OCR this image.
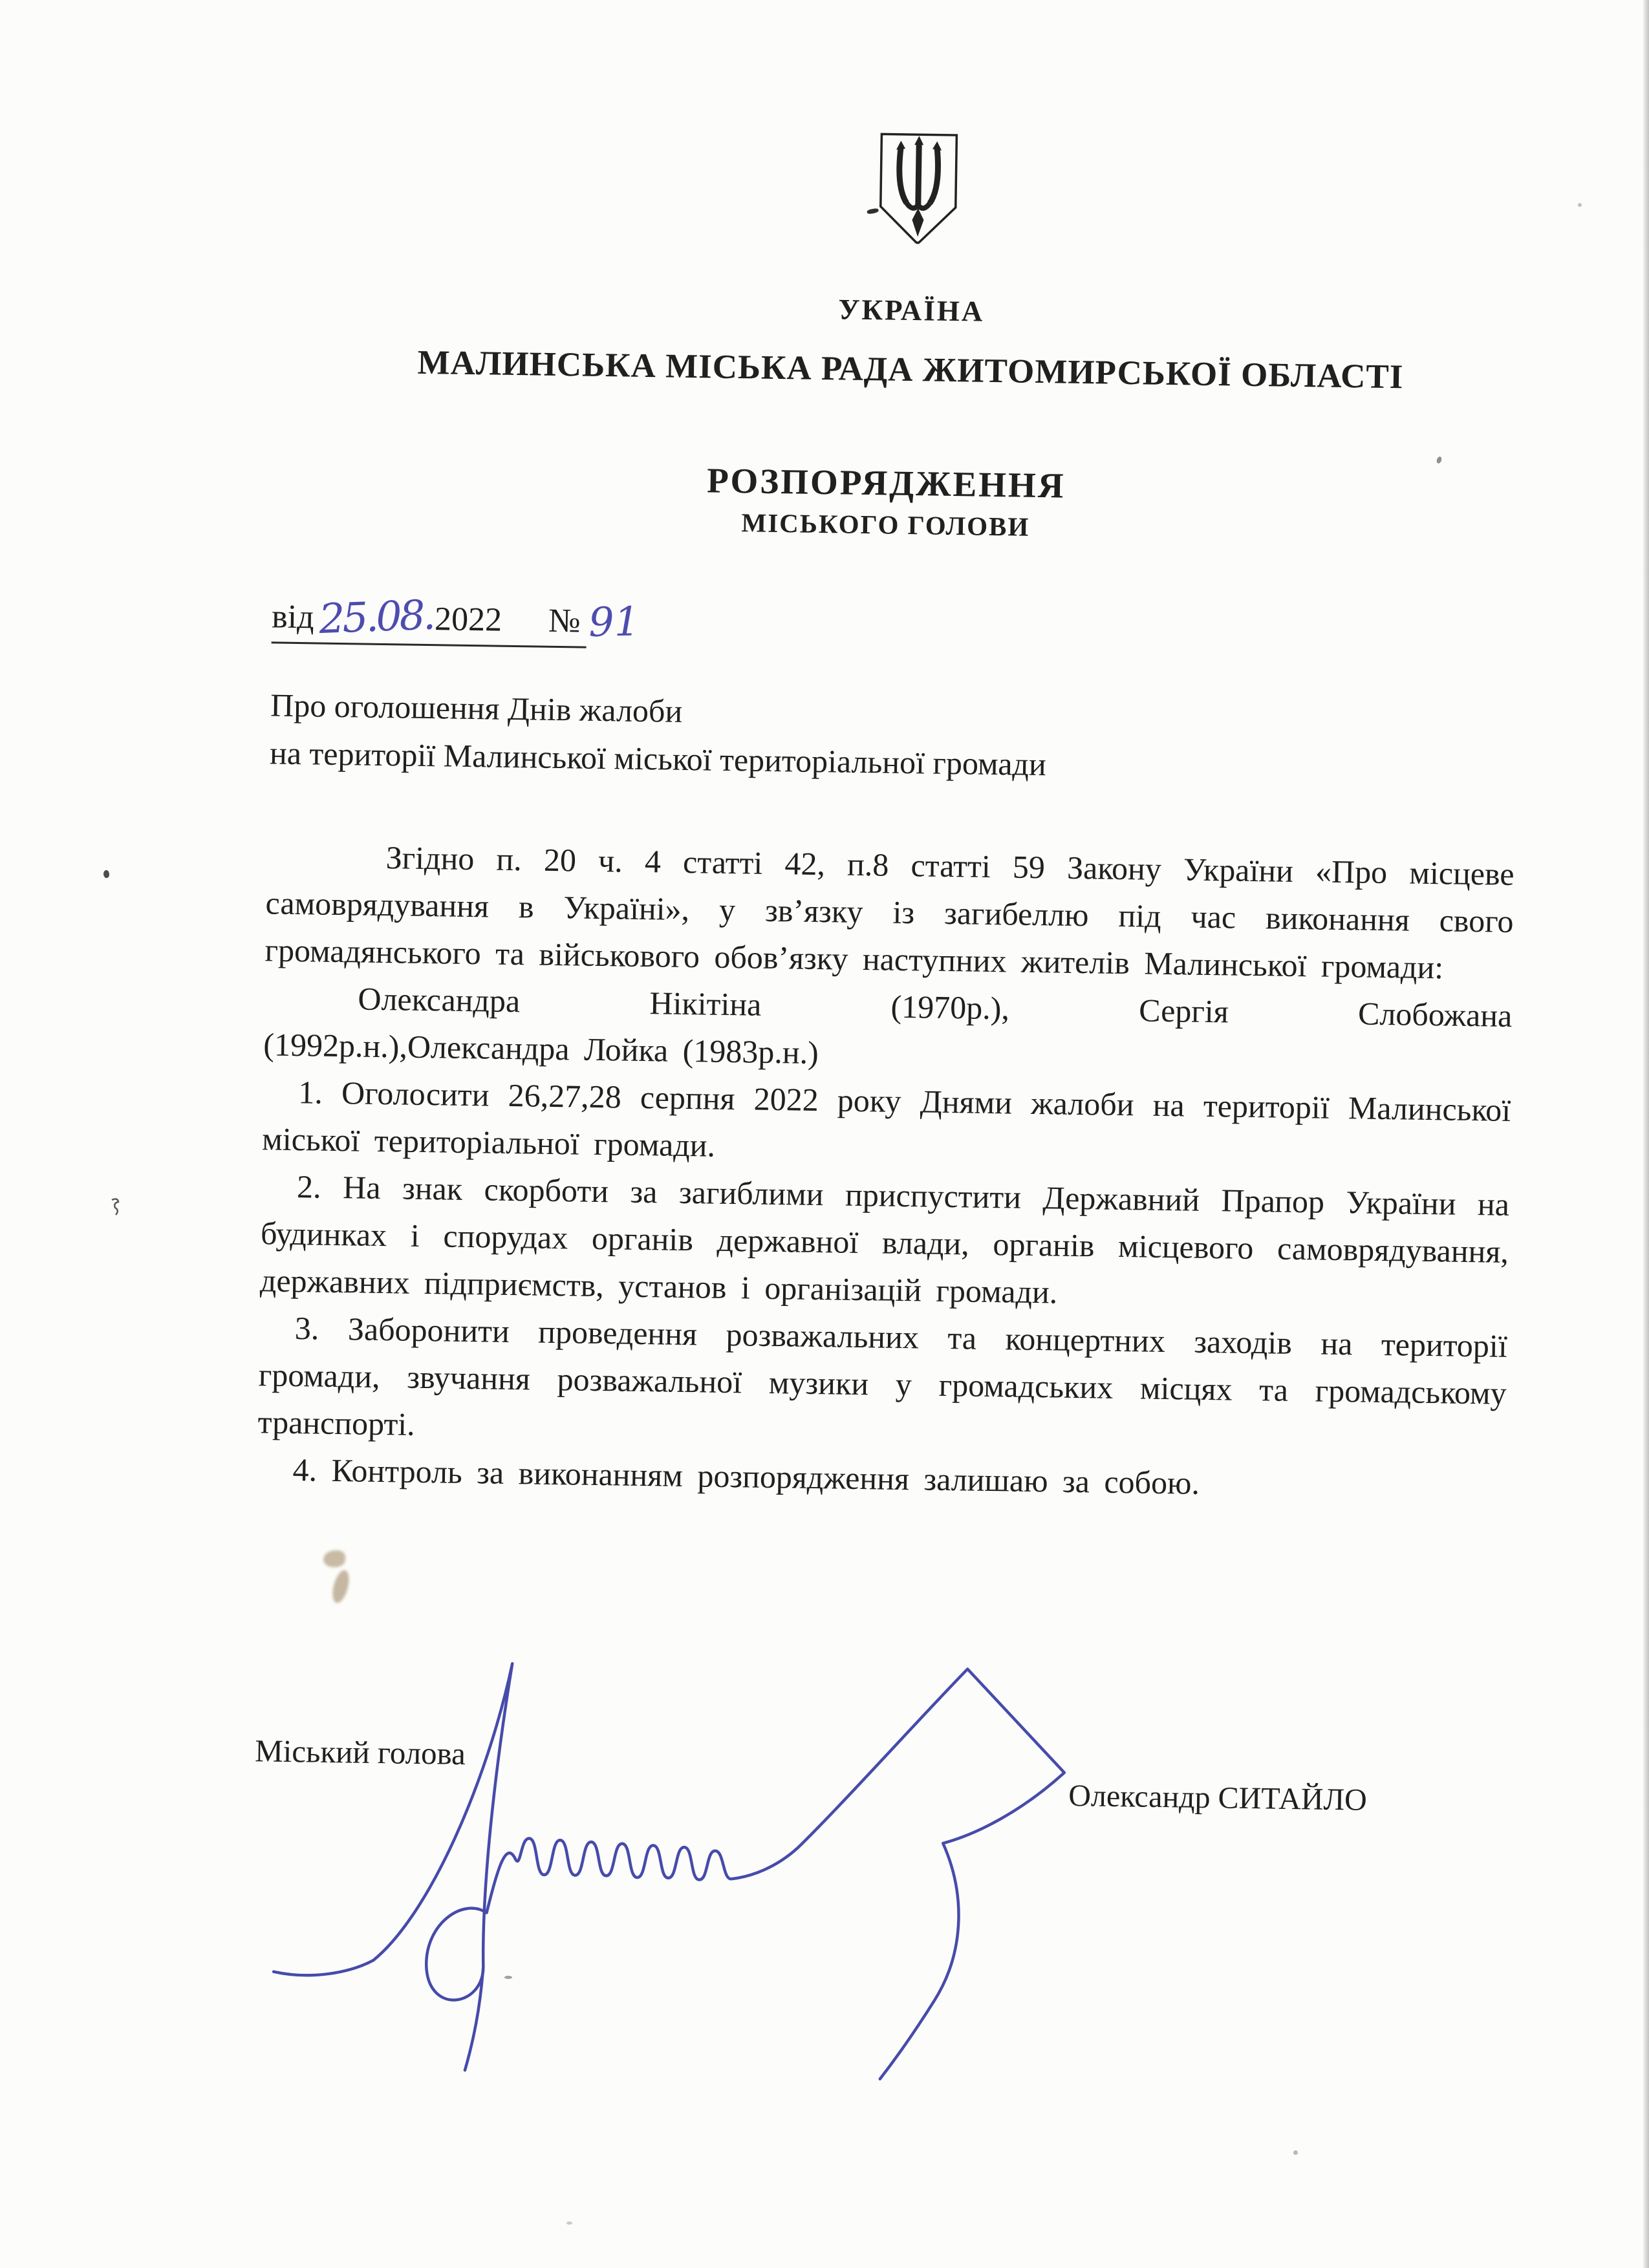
УКРАЇНА
МАЛИНСЬКА МІСЬКА РАДА ЖИТОМИРСЬКОЇ ОБЛАСТІ
РОЗПОРЯДЖЕННЯ
МІСЬКОГО ГОЛОВИ
від25.08.2022 № 91
Про оголошення Днів жалоби
на території Малинської міської територіальної громади

Згідно п. 20 ч. 4 статті 42, п.8 статті 59 Закону України «Про місцеве самоврядування в Україні», у зв’язку із загибеллю під час виконання свого громадянського та військового обов’язку наступних жителів Малинської громади:

Олександра Нікітіна (1970р.), Сергія Слобожана

(1992р.н.),Олександра Лойка (1983р.н.)

1. Оголосити 26,27,28 серпня 2022 року Днями жалоби на території Малинської міської територіальної громади.

2. На знак скорботи за загиблими приспустити Державний Прапор України на будинках і спорудах органів державної влади, органів місцевого самоврядування, державних підприємств, установ і організацій громади.

3. Заборонити проведення розважальних та концертних заходів на території громади, звучання розважальної музики у громадських місцях та громадському транспорті.

4. Контроль за виконанням розпорядження залишаю за собою.

Міський голова
Олександр СИТАЙЛО
